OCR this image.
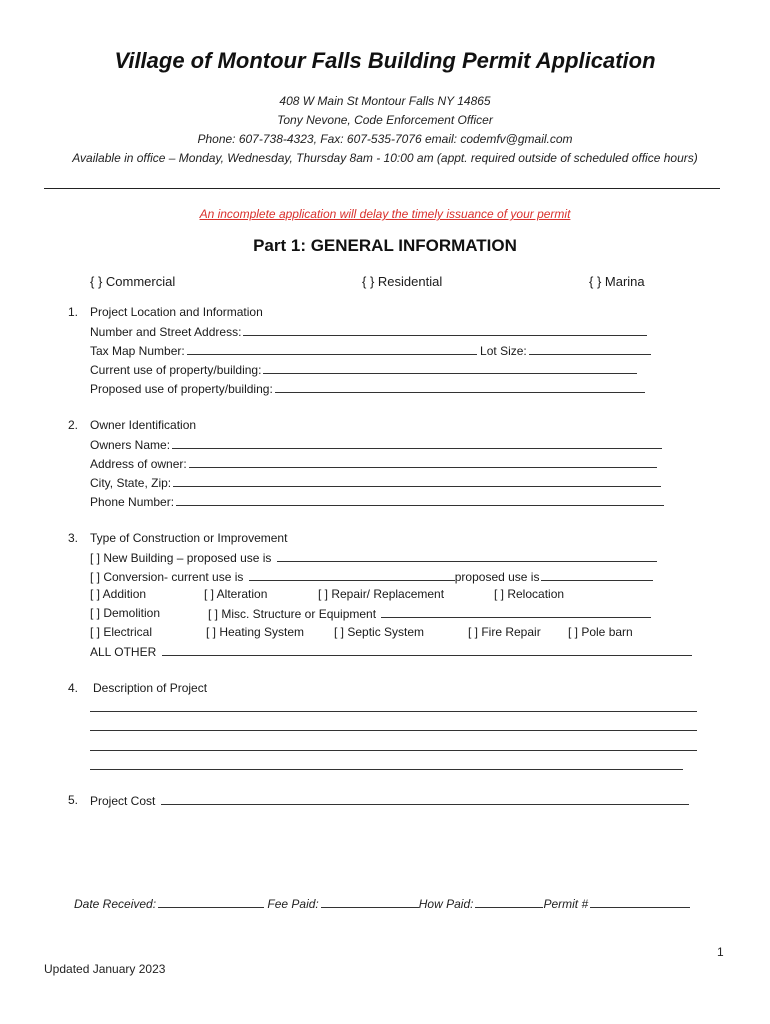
Village of Montour Falls Building Permit Application
408 W Main St Montour Falls NY 14865
Tony Nevone, Code Enforcement Officer
Phone: 607-738-4323, Fax: 607-535-7076 email: codemfv@gmail.com
Available in office – Monday, Wednesday, Thursday 8am - 10:00 am (appt. required outside of scheduled office hours)
An incomplete application will delay the timely issuance of your permit
Part 1: GENERAL INFORMATION
{ } Commercial	{ } Residential	{ } Marina
1. Project Location and Information
Number and Street Address:
Tax Map Number:	Lot Size:
Current use of property/building:
Proposed use of property/building:
2. Owner Identification
Owners Name:
Address of owner:
City, State, Zip:
Phone Number:
3. Type of Construction or Improvement
[ ] New Building – proposed use is
[ ] Conversion- current use is	proposed use is
[ ] Addition	[ ] Alteration	[ ] Repair/ Replacement	[ ] Relocation
[ ] Demolition	[ ] Misc. Structure or Equipment
[ ] Electrical	[ ] Heating System [ ] Septic System	[ ] Fire Repair [ ] Pole barn
ALL OTHER
4. Description of Project
5. Project Cost
Date Received:	Fee Paid:	How Paid:	Permit #
1
Updated January 2023
